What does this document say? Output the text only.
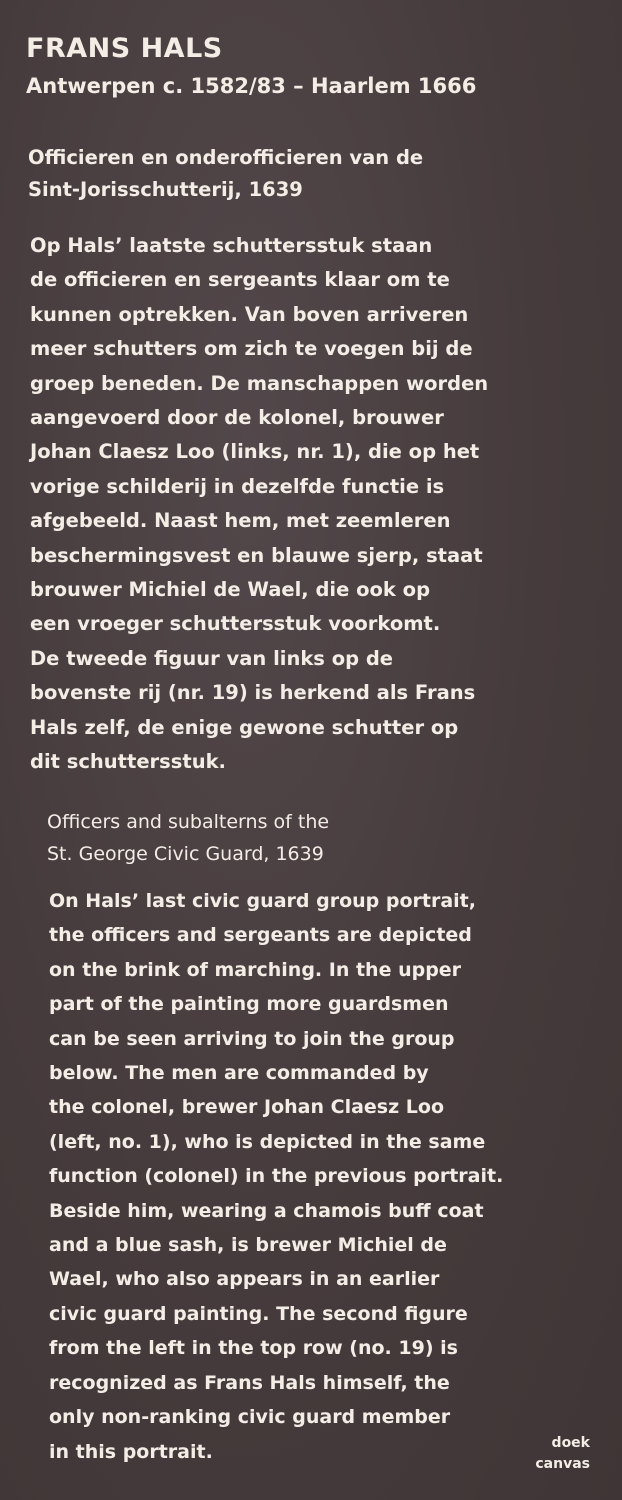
FRANS HALS
Antwerpen c. 1582/83 – Haarlem 1666
Officieren en onderofficieren van de
Sint-Jorisschutterij, 1639
Op Hals’ laatste schuttersstuk staan
de officieren en sergeants klaar om te
kunnen optrekken. Van boven arriveren
meer schutters om zich te voegen bij de
groep beneden. De manschappen worden
aangevoerd door de kolonel, brouwer
Johan Claesz Loo (links, nr. 1), die op het
vorige schilderij in dezelfde functie is
afgebeeld. Naast hem, met zeemleren
beschermingsvest en blauwe sjerp, staat
brouwer Michiel de Wael, die ook op
een vroeger schuttersstuk voorkomt.
De tweede figuur van links op de
bovenste rij (nr. 19) is herkend als Frans
Hals zelf, de enige gewone schutter op
dit schuttersstuk.
Officers and subalterns of the
St. George Civic Guard, 1639
On Hals’ last civic guard group portrait,
the officers and sergeants are depicted
on the brink of marching. In the upper
part of the painting more guardsmen
can be seen arriving to join the group
below. The men are commanded by
the colonel, brewer Johan Claesz Loo
(left, no. 1), who is depicted in the same
function (colonel) in the previous portrait.
Beside him, wearing a chamois buff coat
and a blue sash, is brewer Michiel de
Wael, who also appears in an earlier
civic guard painting. The second figure
from the left in the top row (no. 19) is
recognized as Frans Hals himself, the
only non-ranking civic guard member
in this portrait.	doek
canvas
